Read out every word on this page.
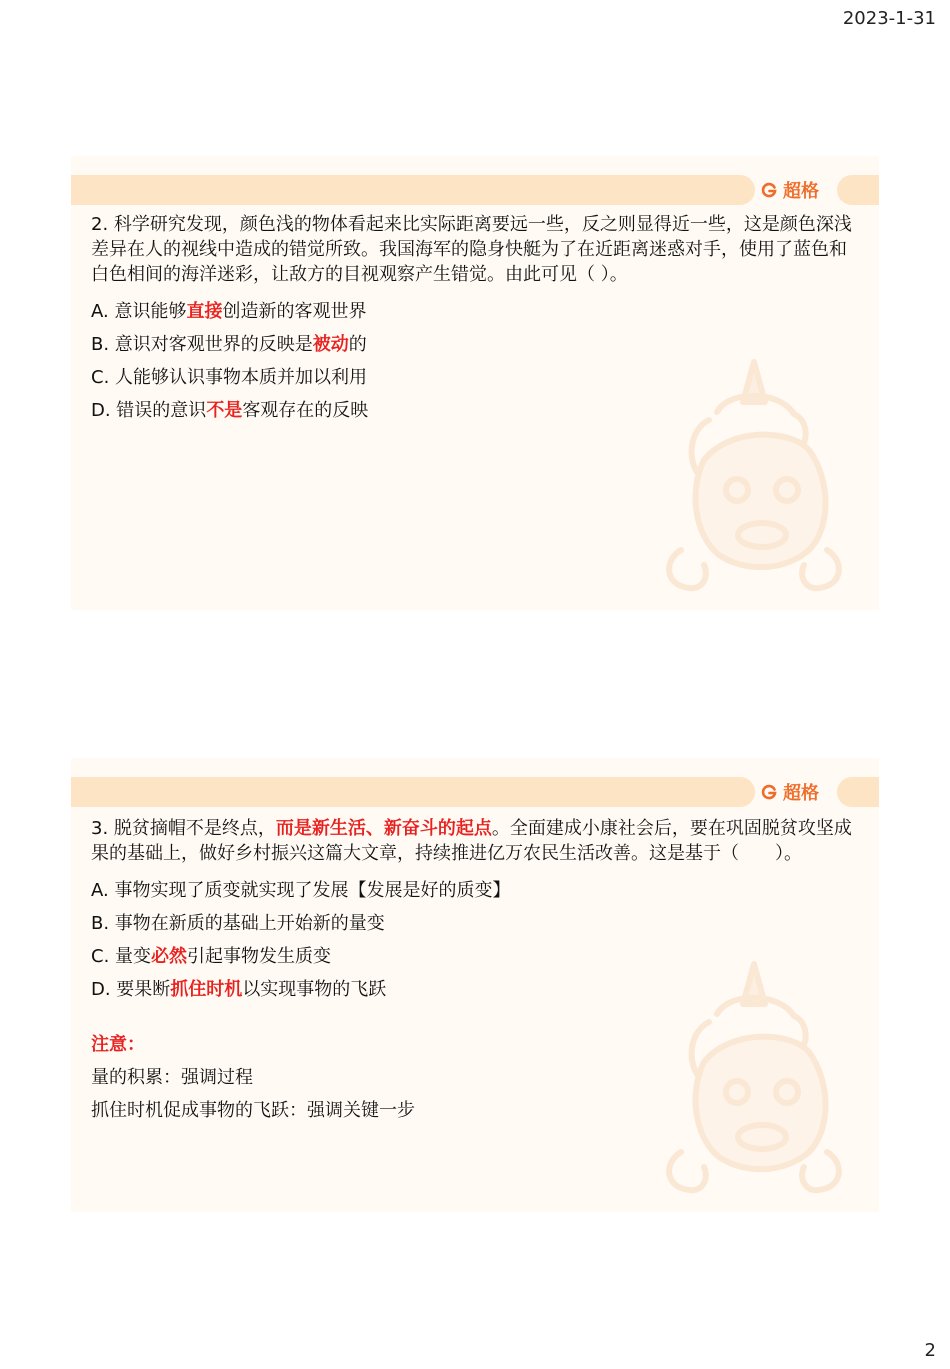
2023-1-31
超格

2. 科学研究发现，颜色浅的物体看起来比实际距离要远一些，反之则显得近一些，这是颜色深浅差异在人的视线中造成的错觉所致。我国海军的隐身快艇为了在近距离迷惑对手，使用了蓝色和白色相间的海洋迷彩，让敌方的目视观察产生错觉。由此可见（ ）。

A. 意识能够直接创造新的客观世界

B. 意识对客观世界的反映是被动的

C. 人能够认识事物本质并加以利用

D. 错误的意识不是客观存在的反映

超格

3. 脱贫摘帽不是终点，而是新生活、新奋斗的起点。全面建成小康社会后，要在巩固脱贫攻坚成果的基础上，做好乡村振兴这篇大文章，持续推进亿万农民生活改善。这是基于（　　）。

A. 事物实现了质变就实现了发展【发展是好的质变】

B. 事物在新质的基础上开始新的量变

C. 量变必然引起事物发生质变

D. 要果断抓住时机以实现事物的飞跃

注意：
量的积累：强调过程
抓住时机促成事物的飞跃：强调关键一步
2
